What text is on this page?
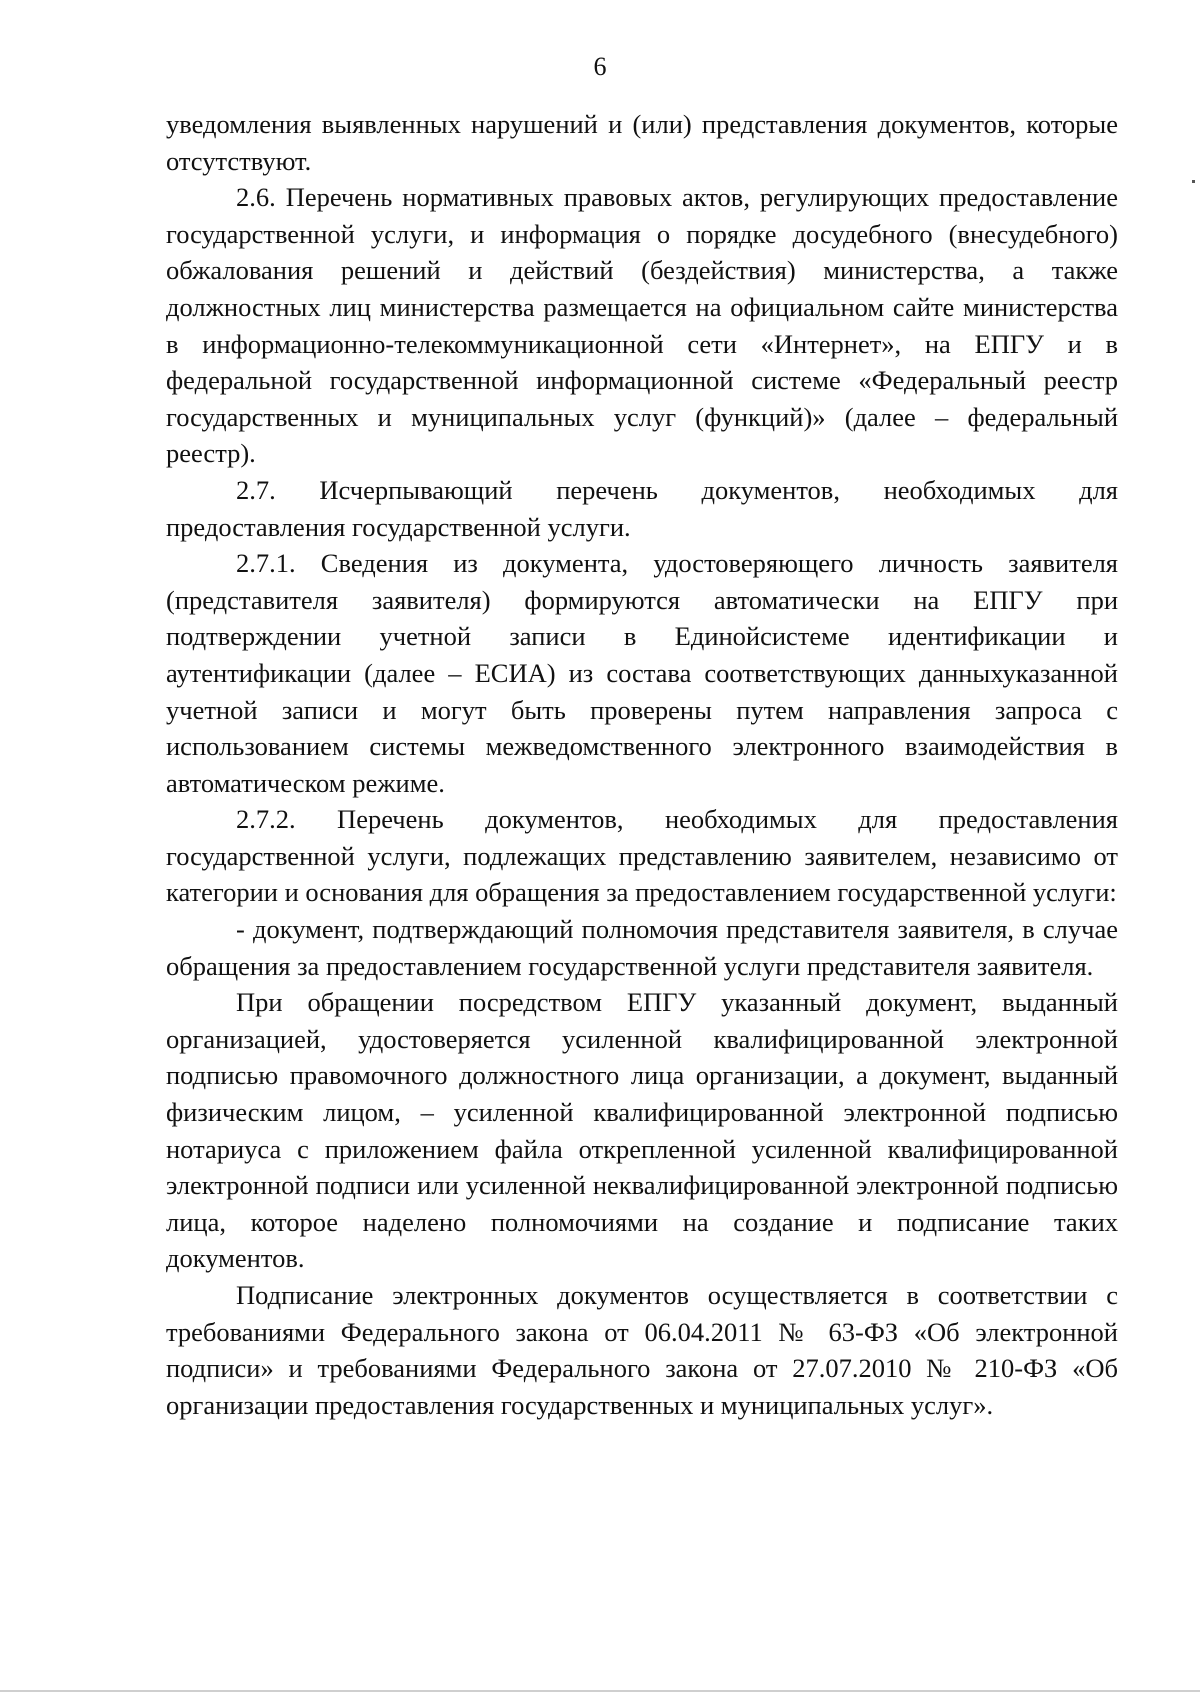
6

уведомления выявленных нарушений и (или) представления документов, которые отсутствуют.

2.6. Перечень нормативных правовых актов, регулирующих предоставление государственной услуги, и информация о порядке досудебного (внесудебного) обжалования решений и действий (бездействия) министерства, а также должностных лиц министерства размещается на официальном сайте министерства в информационно-телекоммуникационной сети «Интернет», на ЕПГУ и в федеральной государственной информационной системе «Федеральный реестр государственных и муниципальных услуг (функций)» (далее – федеральный реестр).

2.7. Исчерпывающий перечень документов, необходимых для предоставления государственной услуги.

2.7.1. Сведения из документа, удостоверяющего личность заявителя (представителя заявителя) формируются автоматически на ЕПГУ при подтверждении учетной записи в Единойсистеме идентификации и аутентификации (далее – ЕСИА) из состава соответствующих данныхуказанной учетной записи и могут быть проверены путем направления запроса с использованием системы межведомственного электронного взаимодействия в автоматическом режиме.

2.7.2. Перечень документов, необходимых для предоставления государственной услуги, подлежащих представлению заявителем, независимо от категории и основания для обращения за предоставлением государственной услуги:

- документ, подтверждающий полномочия представителя заявителя, в случае обращения за предоставлением государственной услуги представителя заявителя.

При обращении посредством ЕПГУ указанный документ, выданный организацией, удостоверяется усиленной квалифицированной электронной подписью правомочного должностного лица организации, а документ, выданный физическим лицом, – усиленной квалифицированной электронной подписью нотариуса с приложением файла открепленной усиленной квалифицированной электронной подписи или усиленной неквалифицированной электронной подписью лица, которое наделено полномочиями на создание и подписание таких документов.

Подписание электронных документов осуществляется в соответствии с требованиями Федерального закона от 06.04.2011 № 63-ФЗ «Об электронной подписи» и требованиями Федерального закона от 27.07.2010 № 210-ФЗ «Об организации предоставления государственных и муниципальных услуг».
